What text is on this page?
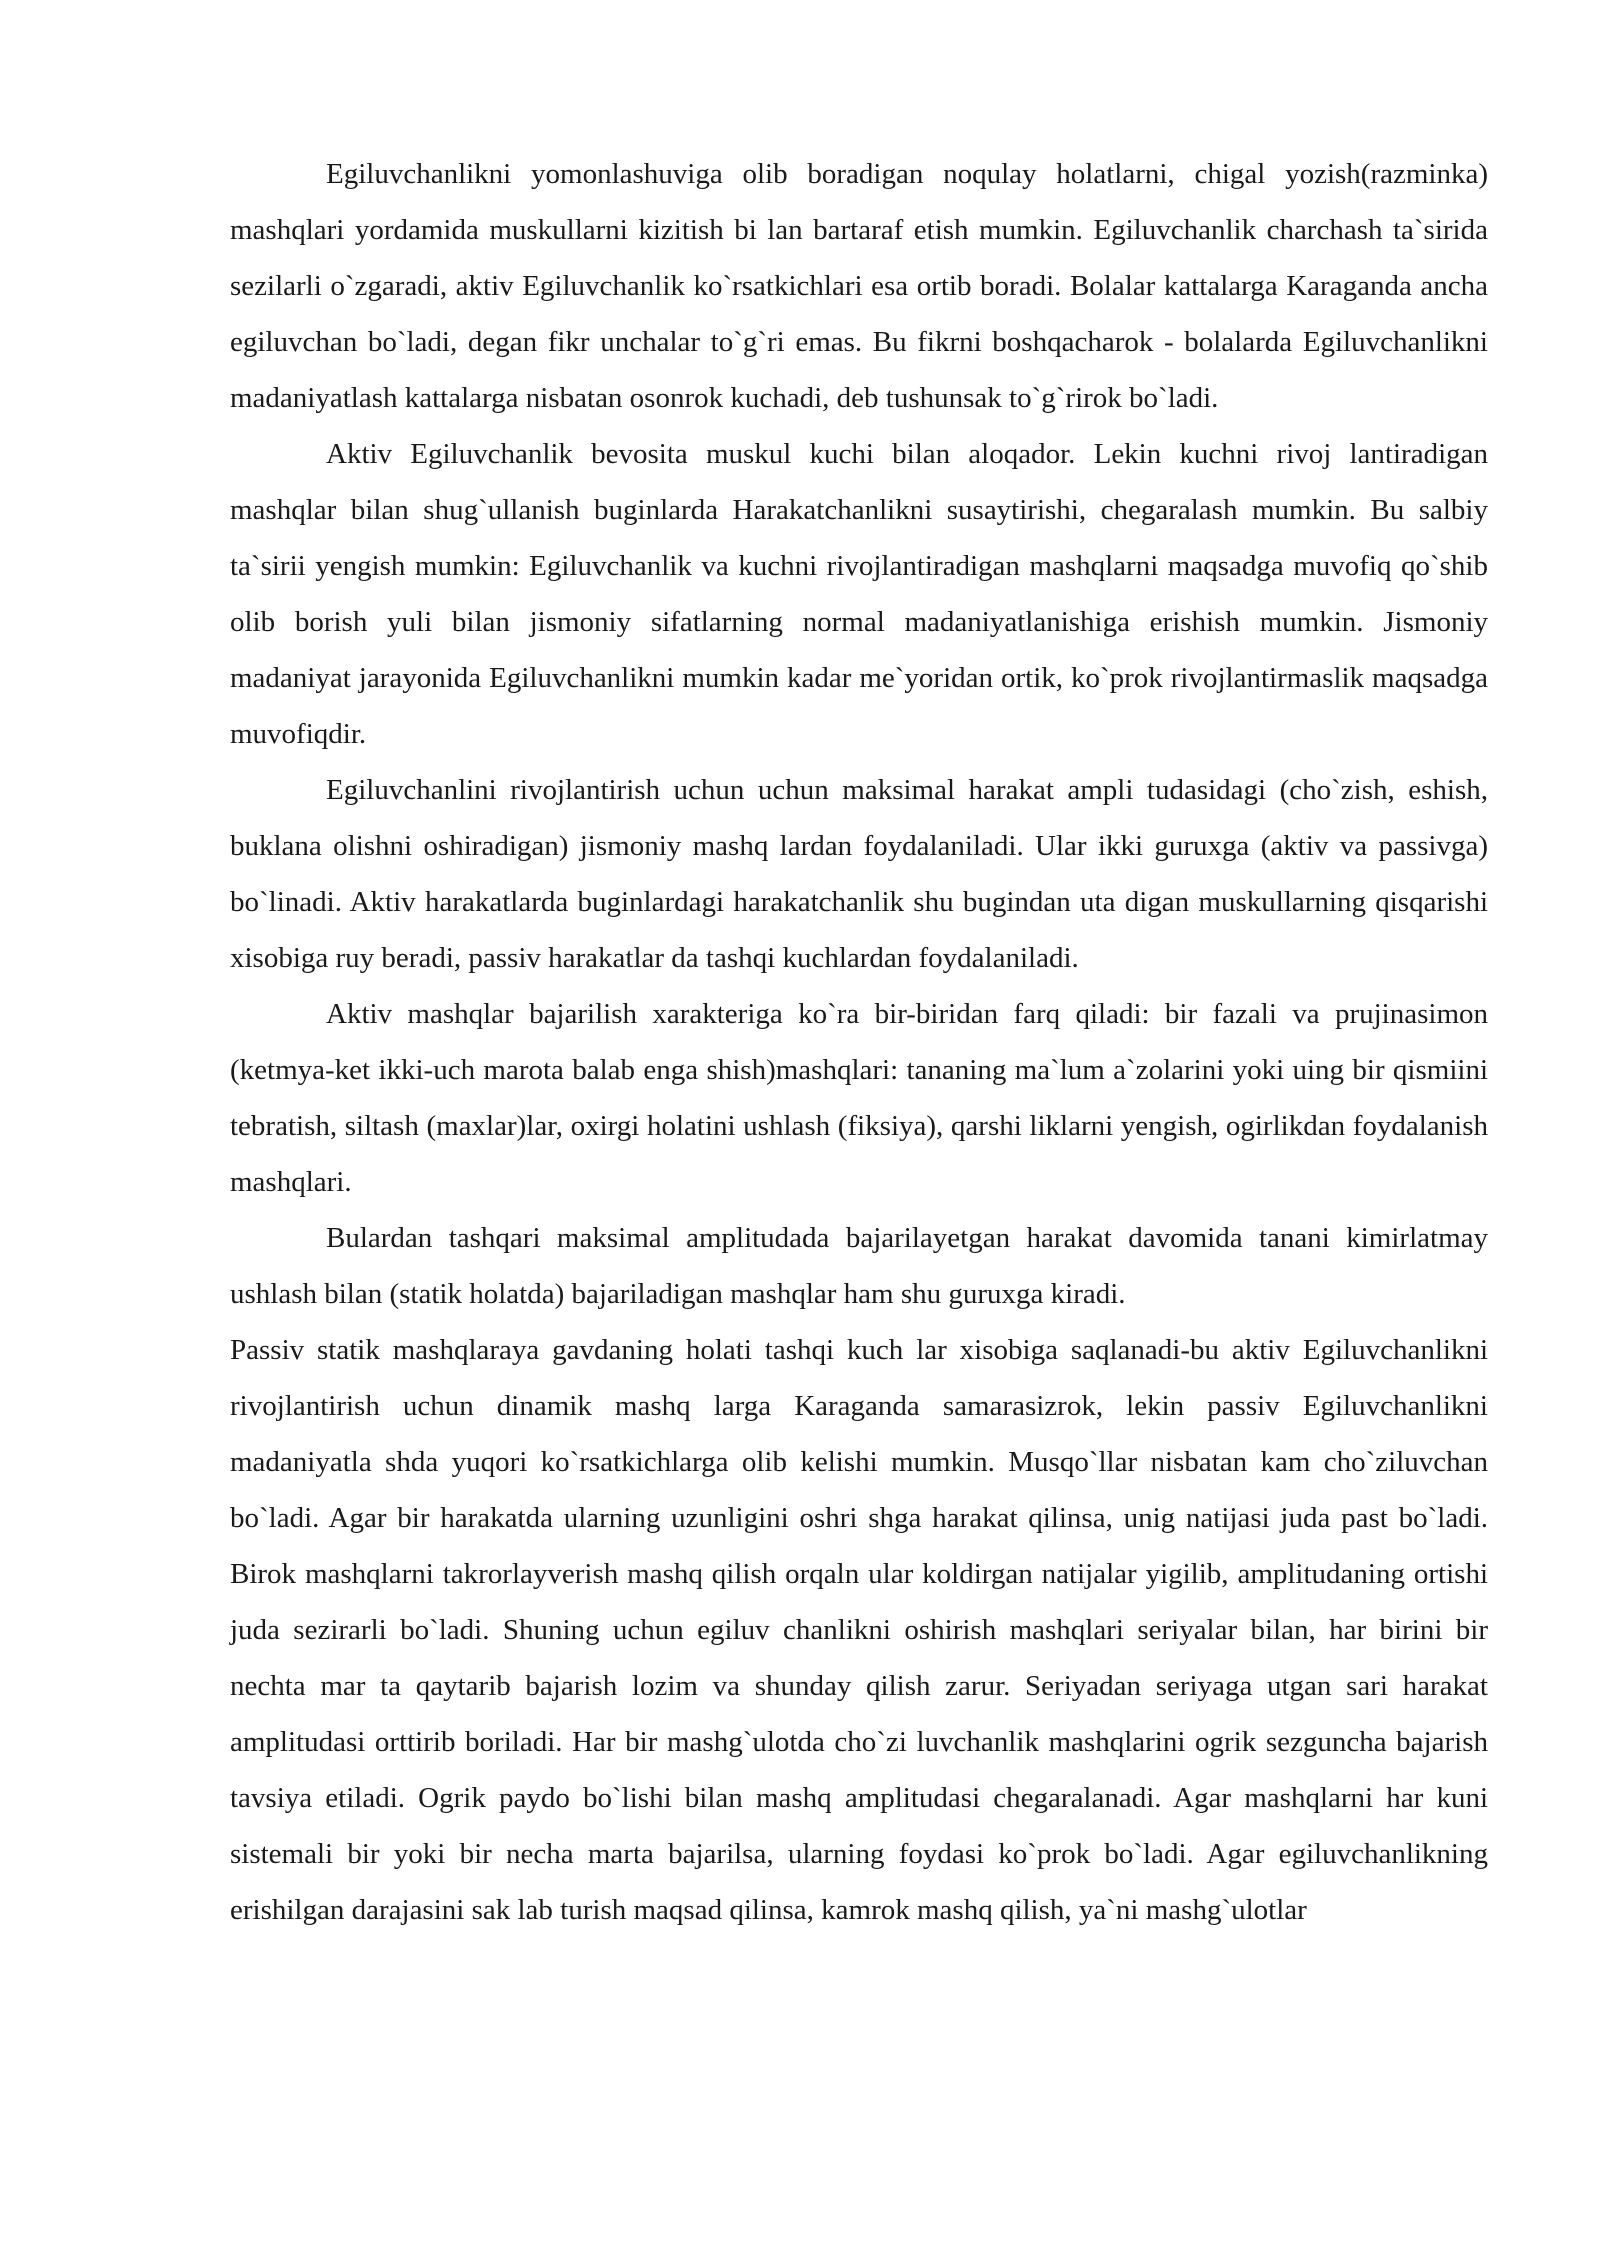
Egiluvchanlikni yomonlashuviga olib boradigan noqulay holatlarni, chigal yozish(razminka) mashqlari yordamida muskullarni kizitish bi lan bartaraf etish mumkin. Egiluvchanlik charchash ta`sirida sezilarli o`zgaradi, aktiv Egiluvchanlik ko`rsatkichlari esa ortib boradi. Bolalar kattalarga Karaganda ancha egiluvchan bo`ladi, degan fikr unchalar to`g`ri emas. Bu fikrni boshqacharok - bolalarda Egiluvchanlikni madaniyatlash kattalarga nisbatan osonrok kuchadi, deb tushunsak to`g`rirok bo`ladi.

Aktiv Egiluvchanlik bevosita muskul kuchi bilan aloqador. Lekin kuchni rivoj lantiradigan mashqlar bilan shug`ullanish buginlarda Harakatchanlikni susaytirishi, chegaralash mumkin. Bu salbiy ta`sirii yengish mumkin: Egiluvchanlik va kuchni rivojlantiradigan mashqlarni maqsadga muvofiq qo`shib olib borish yuli bilan jismoniy sifatlarning normal madaniyatlanishiga erishish mumkin. Jismoniy madaniyat jarayonida Egiluvchanlikni mumkin kadar me`yoridan ortik, ko`prok rivojlantirmaslik maqsadga muvofiqdir.

Egiluvchanlini rivojlantirish uchun uchun maksimal harakat ampli tudasidagi (cho`zish, eshish, buklana olishni oshiradigan) jismoniy mashq lardan foydalaniladi. Ular ikki guruxga (aktiv va passivga) bo`linadi. Aktiv harakatlarda buginlardagi harakatchanlik shu bugindan uta digan muskullarning qisqarishi xisobiga ruy beradi, passiv harakatlar da tashqi kuchlardan foydalaniladi.

Aktiv mashqlar bajarilish xarakteriga ko`ra bir-biridan farq qiladi: bir fazali va prujinasimon (ketmya-ket ikki-uch marota balab enga shish)mashqlari: tananing ma`lum a`zolarini yoki uing bir qismiini tebratish, siltash (maxlar)lar, oxirgi holatini ushlash (fiksiya), qarshi liklarni yengish, ogirlikdan foydalanish mashqlari.

Bulardan tashqari maksimal amplitudada bajarilayetgan harakat davomida tanani kimirlatmay ushlash bilan (statik holatda) bajariladigan mashqlar ham shu guruxga kiradi.

Passiv statik mashqlaraya gavdaning holati tashqi kuch lar xisobiga saqlanadi-bu aktiv Egiluvchanlikni rivojlantirish uchun dinamik mashq larga Karaganda samarasizrok, lekin passiv Egiluvchanlikni madaniyatla shda yuqori ko`rsatkichlarga olib kelishi mumkin. Musqo`llar nisbatan kam cho`ziluvchan bo`ladi. Agar bir harakatda ularning uzunligini oshri shga harakat qilinsa, unig natijasi juda past bo`ladi. Birok mashqlarni takrorlayverish mashq qilish orqaln ular koldirgan natijalar yigilib, amplitudaning ortishi juda sezirarli bo`ladi. Shuning uchun egiluv chanlikni oshirish mashqlari seriyalar bilan, har birini bir nechta mar ta qaytarib bajarish lozim va shunday qilish zarur. Seriyadan seriyaga utgan sari harakat amplitudasi orttirib boriladi. Har bir mashg`ulotda cho`zi luvchanlik mashqlarini ogrik sezguncha bajarish tavsiya etiladi. Ogrik paydo bo`lishi bilan mashq amplitudasi chegaralanadi. Agar mashqlarni har kuni sistemali bir yoki bir necha marta bajarilsa, ularning foydasi ko`prok bo`ladi. Agar egiluvchanlikning erishilgan darajasini sak lab turish maqsad qilinsa, kamrok mashq qilish, ya`ni mashg`ulotlar
